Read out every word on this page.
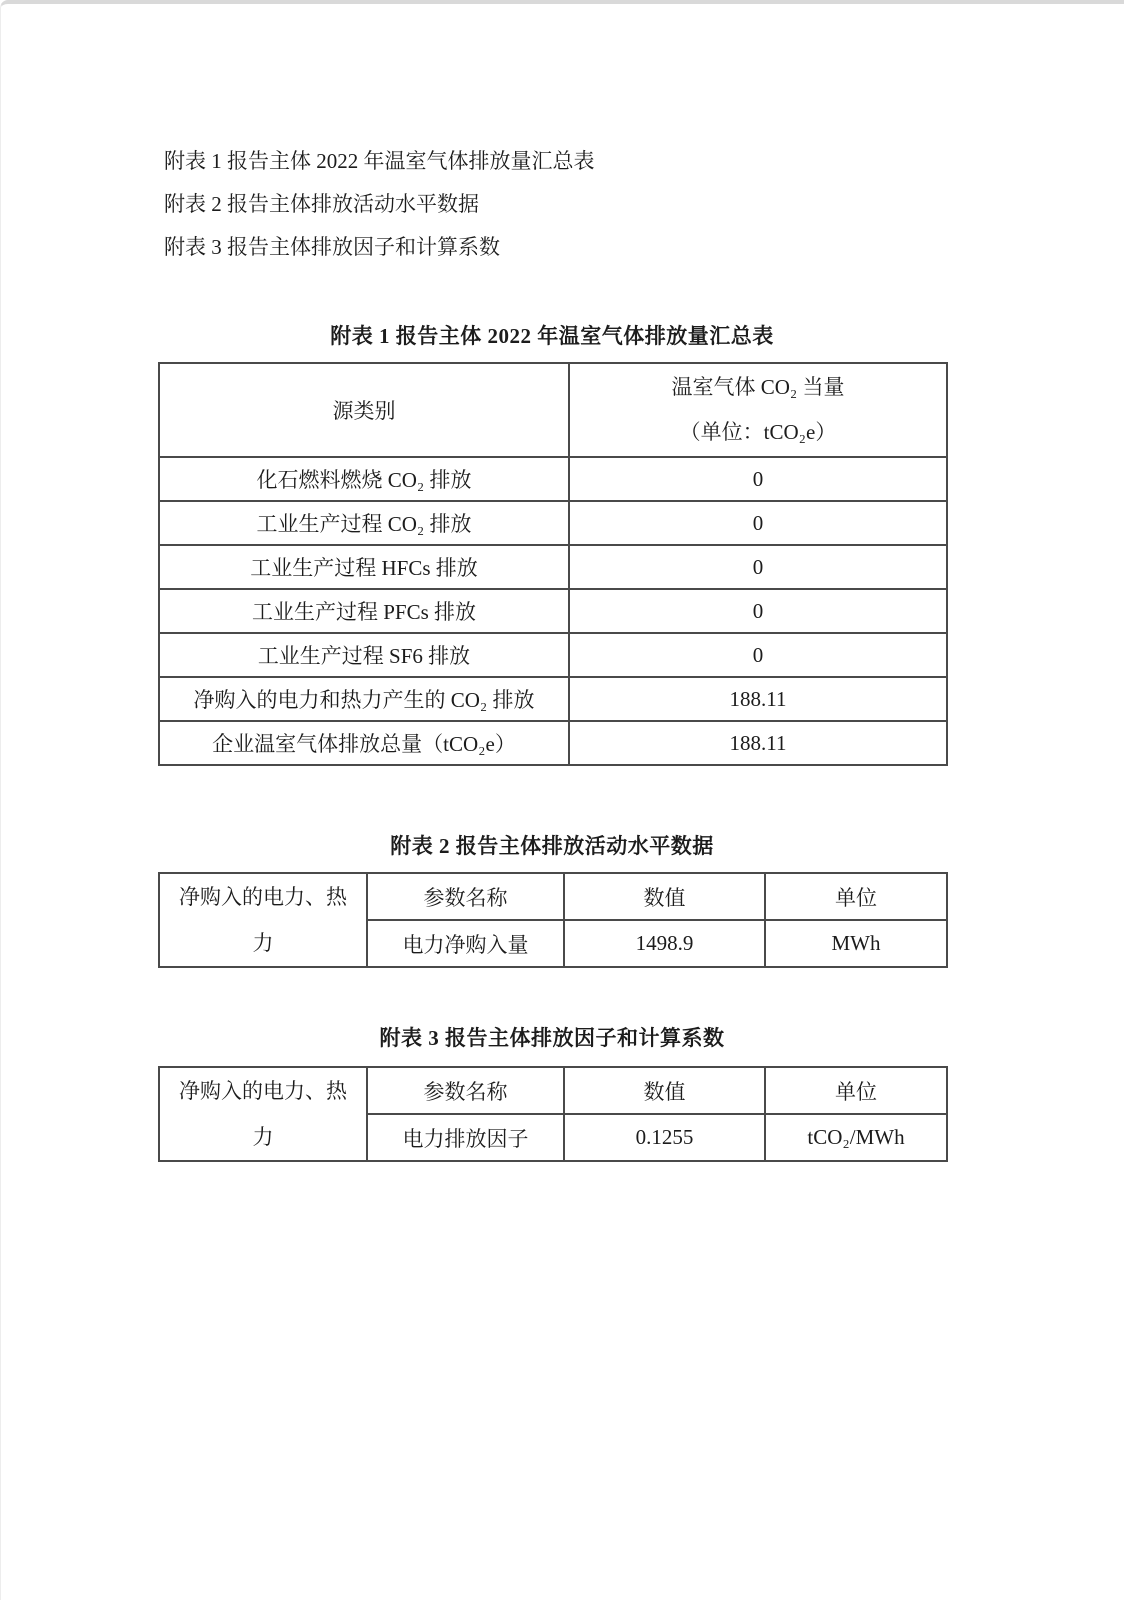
附表 1 报告主体 2022 年温室气体排放量汇总表
附表 2 报告主体排放活动水平数据
附表 3 报告主体排放因子和计算系数
附表 1 报告主体 2022 年温室气体排放量汇总表
源类别	温室气体 CO₂ 当量
（单位：tCO₂e）

化石燃料燃烧 CO₂ 排放	0
工业生产过程 CO₂ 排放	0
工业生产过程 HFCs 排放	0
工业生产过程 PFCs 排放	0
工业生产过程 SF6 排放	0
净购入的电力和热力产生的 CO₂ 排放	188.11
企业温室气体排放总量（tCO₂e）	188.11
附表 2 报告主体排放活动水平数据
净购入的电力、热力	参数名称	数值	单位
	电力净购入量	1498.9	MWh
附表 3 报告主体排放因子和计算系数
净购入的电力、热力	参数名称	数值	单位
	电力排放因子	0.1255	tCO₂/MWh
